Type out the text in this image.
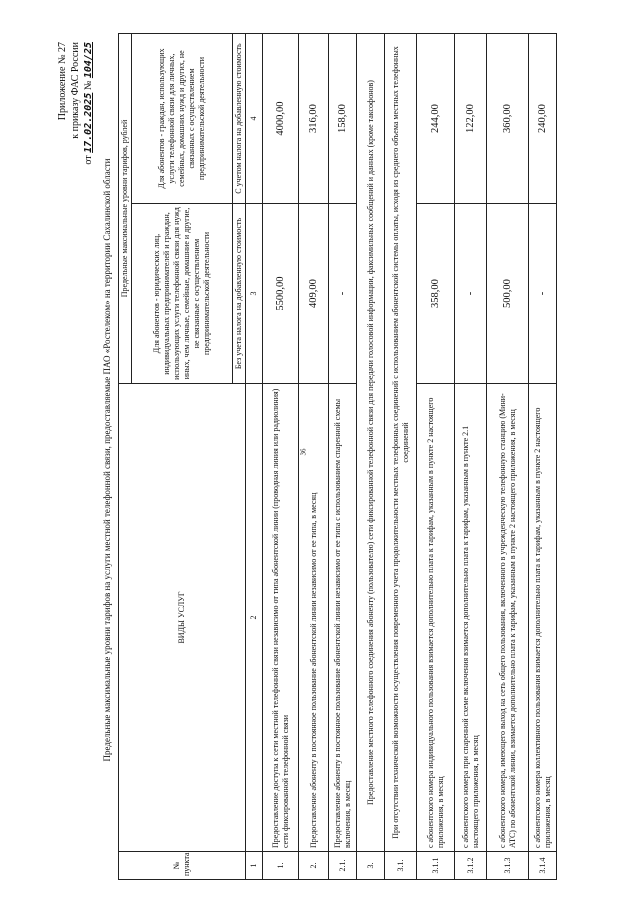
36
Приложение № 27 к приказу ФАС России
от 17.02.2025 № 104/25
Предельные максимальные уровни тарифов на услуги местной телефонной связи, предоставляемые ПАО «Ростелеком» на территории Сахалинской области
№ пункта	ВИДЫ УСЛУГ	Предельные максимальные уровни тарифов, рублей	
		Для абонентов - юридических лиц, индивидуальных предпринимателей и граждан, использующих услуги телефонной связи для нужд иных, чем личные, семейные, домашние и другие, не связанные с осуществлением предпринимательской деятельности	Для абонентов - граждан, использующих услуги телефонной связи для личных, семейных, домашних нужд и других, не связанных с осуществлением предпринимательской деятельности
		Без учета налога на добавленную стоимость	С учетом налога на добавленную стоимость
1	2	3	4
1.	Предоставление доступа к сети местной телефонной связи независимо от типа абонентской линии (проводная линия или радиолиния) сети фиксированной телефонной связи	5500,00	4000,00
2.	Предоставление абоненту в постоянное пользование абонентской линии независимо от ее типа, в месяц	409,00	316,00
2.1.	Предоставление абоненту в постоянное пользование абонентской линии независимо от ее типа с использованием спаренной схемы включения, в месяц	-	158,00
3.	Предоставление местного телефонного соединения абоненту (пользователю) сети фиксированной телефонной связи для передачи голосовой информации, факсимильных сообщений и данных (кроме таксофонов)		
3.1.	При отсутствии технической возможности осуществления повременного учета продолжительности местных телефонных соединений с использованием абонентской системы оплаты, исходя из среднего объема местных телефонных соединений		
3.1.1	с абонентского номера индивидуального пользования взимается дополнительно плата к тарифам, указанным в пункте 2 настоящего приложения, в месяц	358,00	244,00
3.1.2	с абонентского номера при спаренной схеме включения взимается дополнительно плата к тарифам, указанным в пункте 2.1 настоящего приложения, в месяц	-	122,00
3.1.3	с абонентского номера, имеющего выход на сеть общего пользования, включенного в учрежденческую телефонную станцию (Мини-АТС) по абонентской линии, взимается дополнительно плата к тарифам, указанным в пункте 2 настоящего приложения, в месяц	500,00	360,00
3.1.4	с абонентского номера коллективного пользования взимается дополнительно плата к тарифам, указанным в пункте 2 настоящего приложения, в месяц	-	240,00
